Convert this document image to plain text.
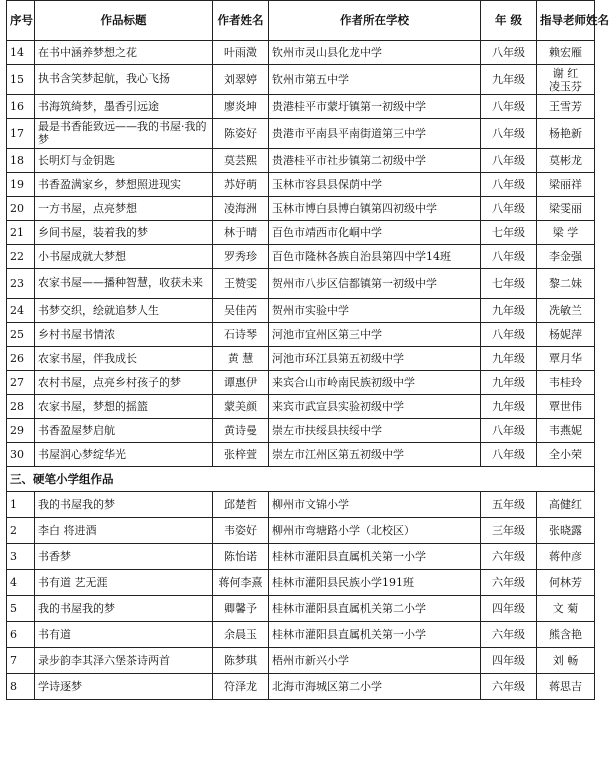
序号	作品标题	作者姓名	作者所在学校	年 级	指导老师姓名
14	在书中涵养梦想之花	叶雨澂	钦州市灵山县化龙中学	八年级	赖宏雁
15	执书含笑梦起航，我心飞扬	刘翠婷	钦州市第五中学	九年级	谢 红
凌玉芬
16	书海筑绮梦，墨香引远途	廖炎坤	贵港桂平市蒙圩镇第一初级中学	八年级	王雪芳
17	最是书香能致远——我的书屋·我的梦	陈姿好	贵港市平南县平南街道第三中学	八年级	杨艳新
18	长明灯与金钥匙	莫芸熙	贵港桂平市社步镇第二初级中学	八年级	莫彬龙
19	书香盈满家乡，梦想照进现实	苏妤萌	玉林市容县县保荫中学	八年级	梁丽祥
20	一方书屋，点亮梦想	凌海洲	玉林市博白县博白镇第四初级中学	八年级	梁雯丽
21	乡间书屋，装着我的梦	林于晴	百色市靖西市化峒中学	七年级	梁 学
22	小书屋成就大梦想	罗秀珍	百色市隆林各族自治县第四中学14班	八年级	李金强
23	农家书屋——播种智慧，收获未来	王赞雯	贺州市八步区信都镇第一初级中学	七年级	黎二妹
24	书梦交织，绘就追梦人生	吴佳芮	贺州市实验中学	九年级	冼敏兰
25	乡村书屋书情浓	石诗琴	河池市宜州区第三中学	八年级	杨妮萍
26	农家书屋，伴我成长	黄 慧	河池市环江县第五初级中学	九年级	覃月华
27	农村书屋，点亮乡村孩子的梦	谭惠伊	来宾合山市岭南民族初级中学	九年级	韦桂玲
28	农家书屋，梦想的摇篮	蒙美颜	来宾市武宣县实验初级中学	九年级	覃世伟
29	书香盈屋梦启航	黄诗曼	崇左市扶绥县扶绥中学	八年级	韦燕妮
30	书屋润心梦绽华光	张梓萱	崇左市江州区第五初级中学	八年级	全小荣
三、硬笔小学组作品					
1	我的书屋我的梦	邱楚哲	柳州市文锦小学	五年级	高健红
2	李白 将进酒	韦姿好	柳州市弯塘路小学（北校区）	三年级	张晓露
3	书香梦	陈怡诺	桂林市灌阳县直属机关第一小学	六年级	蒋仲彦
4	书有道 艺无涯	蒋何李熹	桂林市灌阳县民族小学191班	六年级	何林芳
5	我的书屋我的梦	卿馨予	桂林市灌阳县直属机关第二小学	四年级	文 菊
6	书有道	余晨玉	桂林市灌阳县直属机关第一小学	六年级	熊含艳
7	录步韵李其泽六堡茶诗两首	陈梦琪	梧州市新兴小学	四年级	刘 畅
8	学诗逐梦	符泽龙	北海市海城区第二小学	六年级	蒋思吉
